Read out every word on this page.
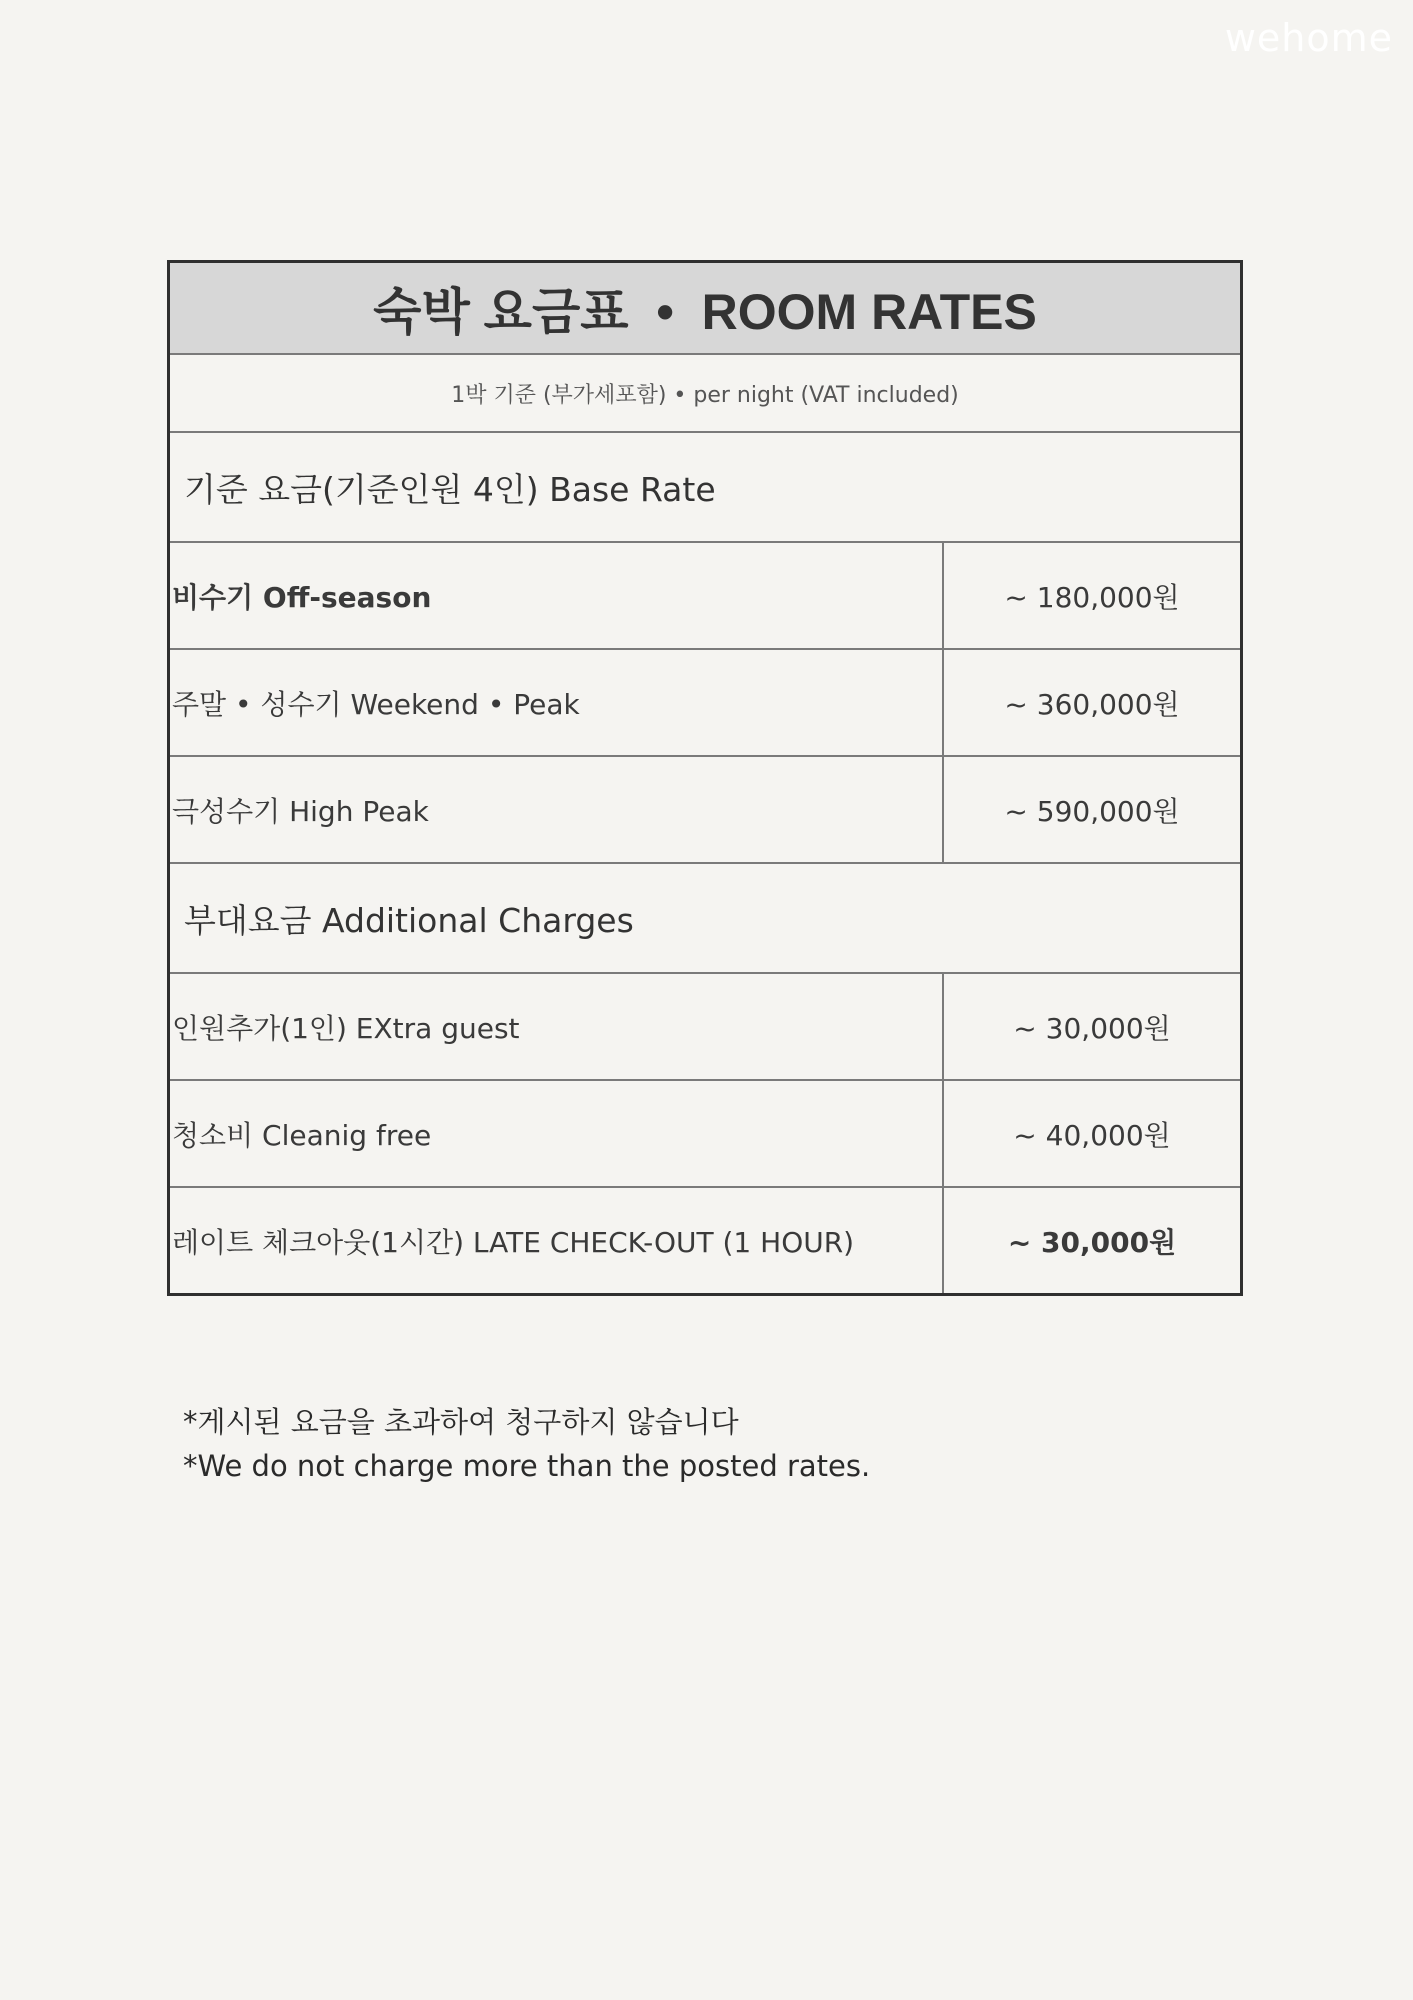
wehome
숙박 요금표  •  ROOM RATES
1박 기준 (부가세포함) • per night (VAT included)
기준 요금(기준인원 4인) Base Rate
비수기 Off-season	~ 180,000원
주말 • 성수기 Weekend • Peak	~ 360,000원
극성수기 High Peak	~ 590,000원
부대요금 Additional Charges
인원추가(1인) EXtra guest	~ 30,000원
청소비 Cleanig free	~ 40,000원
레이트 체크아웃(1시간) LATE CHECK-OUT (1 HOUR)	~ 30,000원
*게시된 요금을 초과하여 청구하지 않습니다
*We do not charge more than the posted rates.
